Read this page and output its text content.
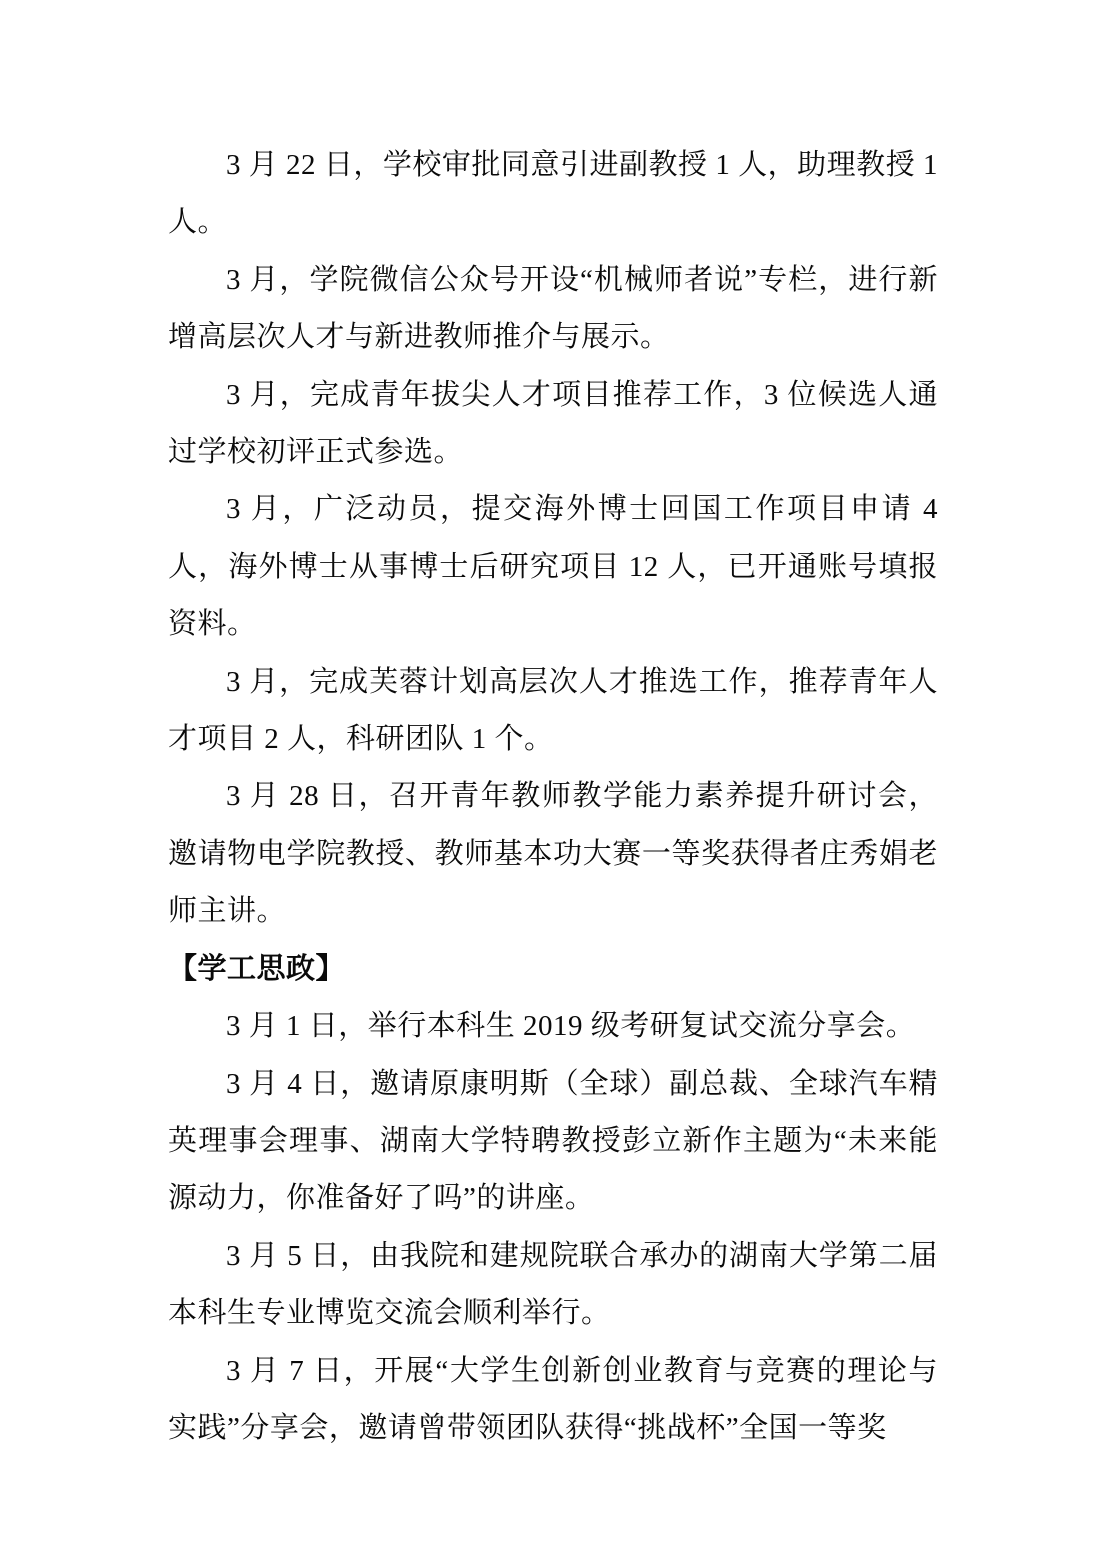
3 月 22 日，学校审批同意引进副教授 1 人，助理教授 1 人。

3 月，学院微信公众号开设“机械师者说”专栏，进行新增高层次人才与新进教师推介与展示。

3 月，完成青年拔尖人才项目推荐工作，3 位候选人通过学校初评正式参选。

3 月，广泛动员，提交海外博士回国工作项目申请 4 人，海外博士从事博士后研究项目 12 人，已开通账号填报资料。

3 月，完成芙蓉计划高层次人才推选工作，推荐青年人才项目 2 人，科研团队 1 个。

3 月 28 日，召开青年教师教学能力素养提升研讨会，邀请物电学院教授、教师基本功大赛一等奖获得者庄秀娟老师主讲。

【学工思政】

3 月 1 日，举行本科生 2019 级考研复试交流分享会。

3 月 4 日，邀请原康明斯（全球）副总裁、全球汽车精英理事会理事、湖南大学特聘教授彭立新作主题为“未来能源动力，你准备好了吗”的讲座。

3 月 5 日，由我院和建规院联合承办的湖南大学第二届本科生专业博览交流会顺利举行。

3 月 7 日，开展“大学生创新创业教育与竞赛的理论与实践”分享会，邀请曾带领团队获得“挑战杯”全国一等奖
